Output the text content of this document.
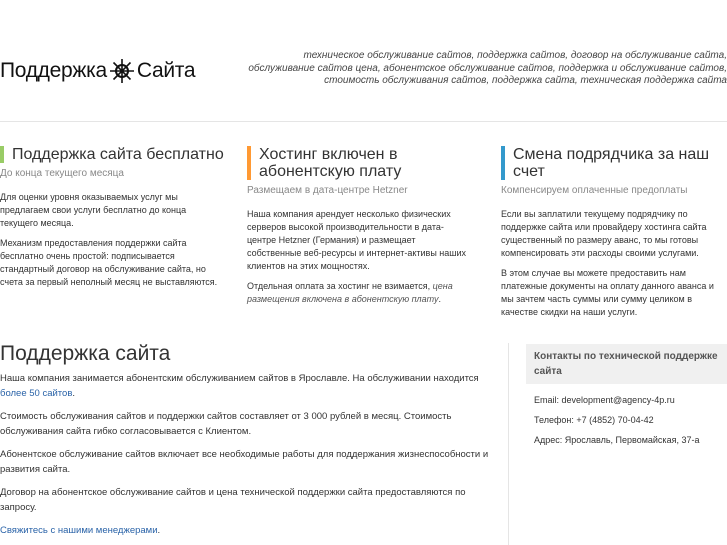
Поддержка Сайта
техническое обслуживание сайтов, поддержка сайтов, договор на обслуживание сайта, обслуживание сайтов цена, абонентское обслуживание сайтов, поддержка и обслуживание сайтов, стоимость обслуживания сайтов, поддержка сайта, техническая поддержка сайта
Поддержка сайта бесплатно
До конца текущего месяца

Для оценки уровня оказываемых услуг мы предлагаем свои услуги бесплатно до конца текущего месяца.

Механизм предоставления поддержки сайта бесплатно очень простой: подписывается стандартный договор на обслуживание сайта, но счета за первый неполный месяц не выставляются.

Хостинг включен в абонентскую плату
Размещаем в дата-центре Hetzner

Наша компания арендует несколько физических серверов высокой производительности в дата-центре Hetzner (Германия) и размещает собственные веб-ресурсы и интернет-активы наших клиентов на этих мощностях.

Отдельная оплата за хостинг не взимается, цена размещения включена в абонентскую плату.

Смена подрядчика за наш счет
Компенсируем оплаченные предоплаты

Если вы заплатили текущему подрядчику по поддержке сайта или провайдеру хостинга сайта существенный по размеру аванс, то мы готовы компенсировать эти расходы своими услугами.

В этом случае вы можете предоставить нам платежные документы на оплату данного аванса и мы зачтем часть суммы или сумму целиком в качестве скидки на наши услуги.

Поддержка сайта

Наша компания занимается абонентским обслуживанием сайтов в Ярославле. На обслуживании находится более 50 сайтов.

Стоимость обслуживания сайтов и поддержки сайтов составляет от 3 000 рублей в месяц. Стоимость обслуживания сайта гибко согласовывается с Клиентом.

Абонентское обслуживание сайтов включает все необходимые работы для поддержания жизнеспособности и развития сайта.

Договор на абонентское обслуживание сайтов и цена технической поддержки сайта предоставляются по запросу.

Свяжитесь с нашими менеджерами.

Контакты по технической поддержке сайта
Email: development@agency-4p.ru
Телефон: +7 (4852) 70-04-42
Адрес: Ярославль, Первомайская, 37-а
